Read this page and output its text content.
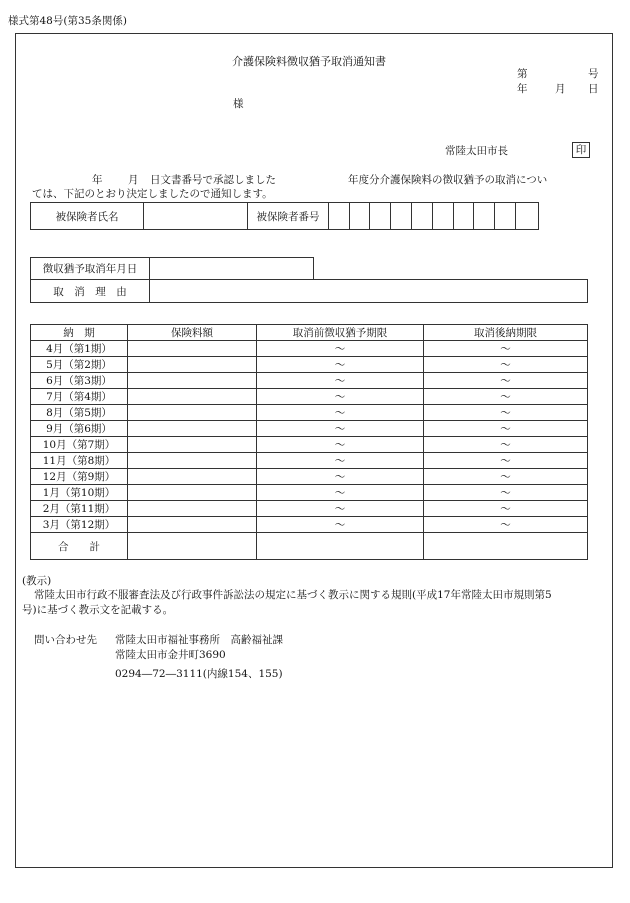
様式第48号(第35条関係)
介護保険料徴収猶予取消通知書
第	号
年	月 日
様
常陸太田市長	印
年 月 日文書番号で承認しました	年度分介護保険料の徴収猶予の取消につい
ては、下記のとおり決定しましたので通知します。
被保険者氏名		被保険者番号										
徴収猶予取消年月日	
取　消　理　由	
納　期	保険料額	取消前徴収猶予期限	取消後納期限
4月（第1期）		〜	〜
5月（第2期）		〜	〜
6月（第3期）		〜	〜
7月（第4期）		〜	〜
8月（第5期）		〜	〜
9月（第6期）		〜	〜
10月（第7期）		〜	〜
11月（第8期）		〜	〜
12月（第9期）		〜	〜
1月（第10期）		〜	〜
2月（第11期）		〜	〜
3月（第12期）		〜	〜
合　　計			
(教示)
常陸太田市行政不服審査法及び行政事件訴訟法の規定に基づく教示に関する規則(平成17年常陸太田市規則第5
号)に基づく教示文を記載する。
問い合わせ先 常陸太田市福祉事務所　高齢福祉課
常陸太田市金井町3690
0294―72―3111(内線154、155)
